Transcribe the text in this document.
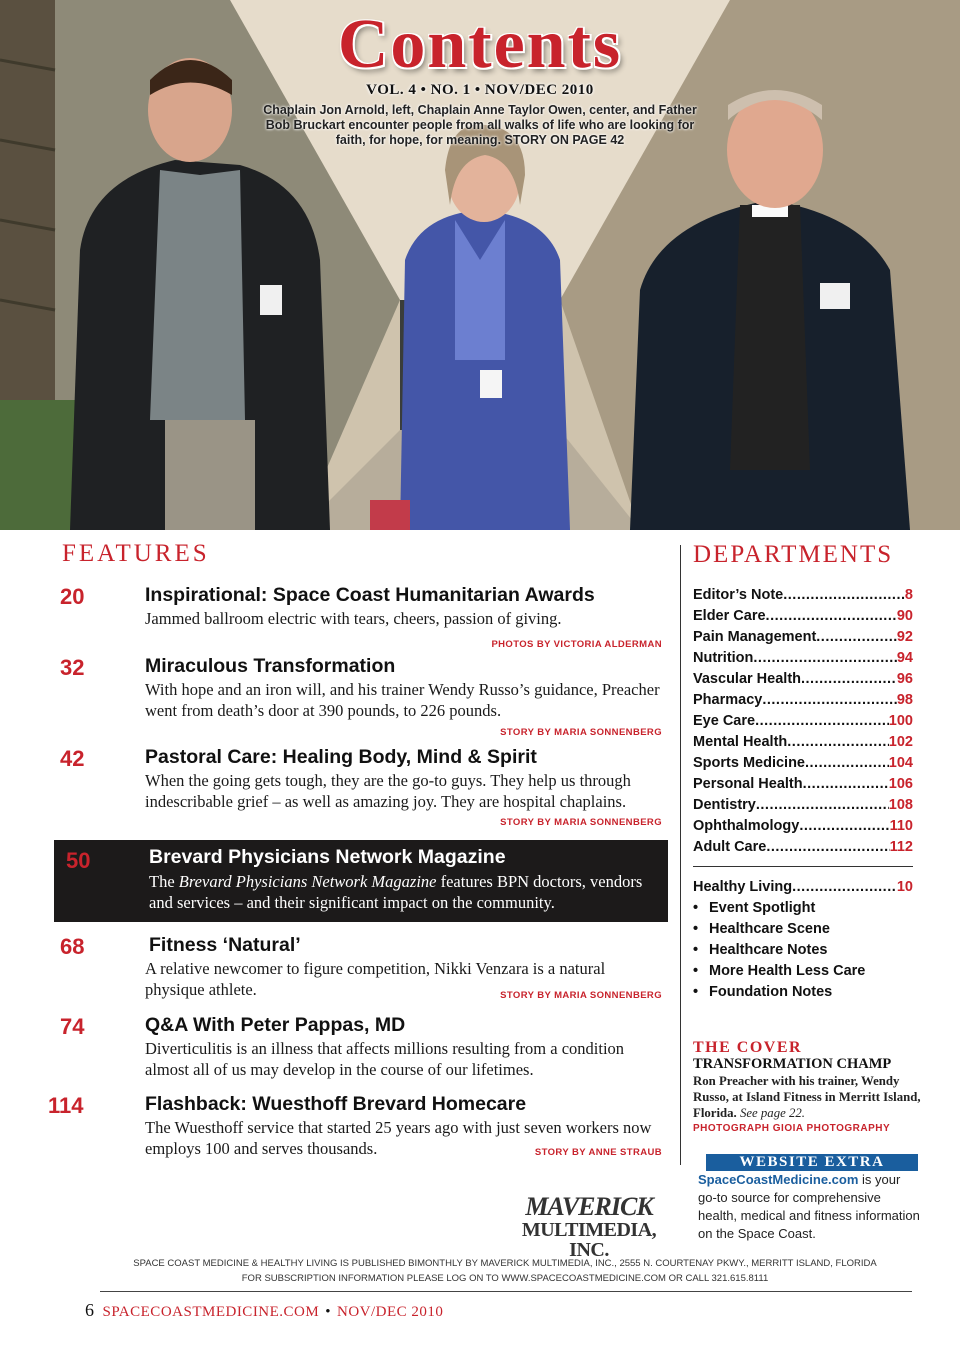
Contents
VOL. 4 • NO. 1 • NOV/DEC 2010
Chaplain Jon Arnold, left, Chaplain Anne Taylor Owen, center, and Father Bob Bruckart encounter people from all walks of life who are looking for faith, for hope, for meaning. STORY ON PAGE 42
FEATURES
20	Inspirational: Space Coast Humanitarian Awards
Jammed ballroom electric with tears, cheers, passion of giving.
PHOTOS BY VICTORIA ALDERMAN
32	Miraculous Transformation
With hope and an iron will, and his trainer Wendy Russo’s guidance, Preacher went from death’s door at 390 pounds, to 226 pounds.
STORY BY MARIA SONNENBERG
42	Pastoral Care: Healing Body, Mind & Spirit
When the going gets tough, they are the go-to guys. They help us through indescribable grief – as well as amazing joy. They are hospital chaplains.
STORY BY MARIA SONNENBERG
50	Brevard Physicians Network Magazine
The Brevard Physicians Network Magazine features BPN doctors, vendors and services – and their significant impact on the community.
68	Fitness ‘Natural’
A relative newcomer to figure competition, Nikki Venzara is a natural physique athlete.	STORY BY MARIA SONNENBERG
74	Q&A With Peter Pappas, MD
Diverticulitis is an illness that affects millions resulting from a condition almost all of us may develop in the course of our lifetimes.
114	Flashback: Wuesthoff Brevard Homecare
The Wuesthoff service that started 25 years ago with just seven workers now employs 100 and serves thousands.	STORY BY ANNE STRAUB
DEPARTMENTS
Editor’s Note .....	8
Elder Care .....	90
Pain Management .....	92
Nutrition .....	94
Vascular Health .....	96
Pharmacy .....	98
Eye Care .....	100
Mental Health .....	102
Sports Medicine .....	104
Personal Health .....	106
Dentistry .....	108
Ophthalmology .....	110
Adult Care .....	112
Healthy Living .....	10
• Event Spotlight
• Healthcare Scene
• Healthcare Notes
• More Health Less Care
• Foundation Notes
THE COVER
TRANSFORMATION CHAMP
Ron Preacher with his trainer, Wendy Russo, at Island Fitness in Merritt Island, Florida. See page 22.
PHOTOGRAPH GIOIA PHOTOGRAPHY
WEBSITE EXTRA
SpaceCoastMedicine.com is your go-to source for comprehensive health, medical and fitness information on the Space Coast.
MAVERICK
MULTIMEDIA, INC.
SPACE COAST MEDICINE & HEALTHY LIVING IS PUBLISHED BIMONTHLY BY MAVERICK MULTIMEDIA, INC., 2555 N. COURTENAY PKWY., MERRITT ISLAND, FLORIDA
FOR SUBSCRIPTION INFORMATION PLEASE LOG ON TO WWW.SPACECOASTMEDICINE.COM OR CALL 321.615.8111
6 SPACECOASTMEDICINE.COM • NOV/DEC 2010
